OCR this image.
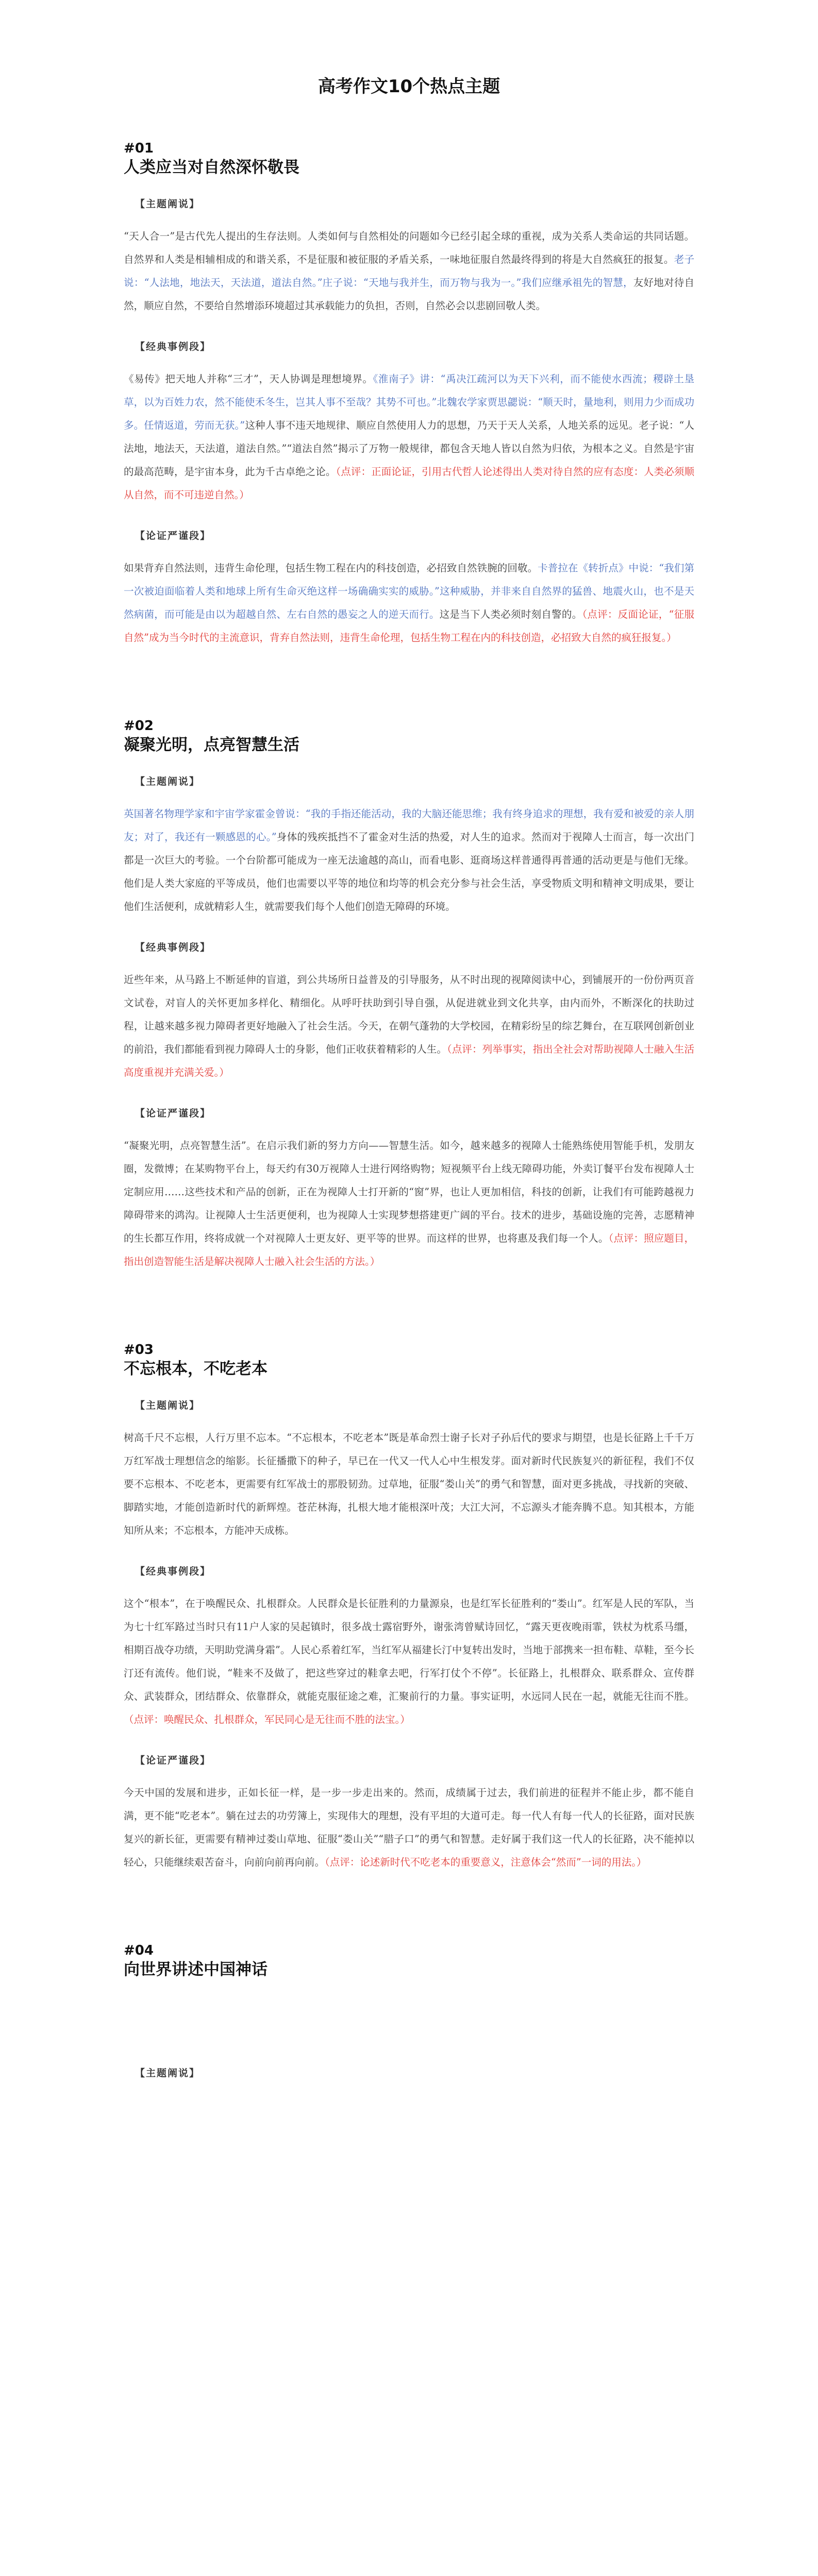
高考作文10个热点主题
#01
人类应当对自然深怀敬畏
【主题阐说】

“天人合一”是古代先人提出的生存法则。人类如何与自然相处的问题如今已经引起全球的重视，成为关系人类命运的共同话题。自然界和人类是相辅相成的和谐关系，不是征服和被征服的矛盾关系，一味地征服自然最终得到的将是大自然疯狂的报复。老子说：“人法地，地法天，天法道，道法自然。”庄子说：“天地与我并生，而万物与我为一。”我们应继承祖先的智慧，友好地对待自然，顺应自然，不要给自然增添环境超过其承载能力的负担，否则，自然必会以悲剧回敬人类。

【经典事例段】

《易传》把天地人并称“三才”，天人协调是理想境界。《淮南子》讲：“禹决江疏河以为天下兴利，而不能使水西流；稷辟土垦草，以为百姓力农，然不能使禾冬生，岂其人事不至哉？其势不可也。”北魏农学家贾思勰说：“顺天时，量地利，则用力少而成功多。任情返道，劳而无获。”这种人事不违天地规律、顺应自然使用人力的思想，乃天于天人关系，人地关系的远见。老子说：“人法地，地法天，天法道，道法自然。”“道法自然”揭示了万物一般规律，都包含天地人皆以自然为归依，为根本之义。自然是宇宙的最高范畴，是宇宙本身，此为千古卓绝之论。（点评：正面论证，引用古代哲人论述得出人类对待自然的应有态度：人类必须顺从自然，而不可违逆自然。）

【论证严谨段】

如果背弃自然法则，违背生命伦理，包括生物工程在内的科技创造，必招致自然铁腕的回敬。卡普拉在《转折点》中说：“我们第一次被迫面临着人类和地球上所有生命灭绝这样一场确确实实的威胁。”这种威胁，并非来自自然界的猛兽、地震火山，也不是天然病菌，而可能是由以为超越自然、左右自然的愚妄之人的逆天而行。这是当下人类必须时刻自警的。（点评：反面论证，“征服自然”成为当今时代的主流意识，背弃自然法则，违背生命伦理，包括生物工程在内的科技创造，必招致大自然的疯狂报复。）

#02
凝聚光明，点亮智慧生活
【主题阐说】

英国著名物理学家和宇宙学家霍金曾说：“我的手指还能活动，我的大脑还能思维；我有终身追求的理想，我有爱和被爱的亲人朋友；对了，我还有一颗感恩的心。”身体的残疾抵挡不了霍金对生活的热爱，对人生的追求。然而对于视障人士而言，每一次出门都是一次巨大的考验。一个台阶都可能成为一座无法逾越的高山，而看电影、逛商场这样普通得再普通的活动更是与他们无缘。他们是人类大家庭的平等成员，他们也需要以平等的地位和均等的机会充分参与社会生活，享受物质文明和精神文明成果，要让他们生活便利，成就精彩人生，就需要我们每个人他们创造无障碍的环境。

【经典事例段】

近些年来，从马路上不断延伸的盲道，到公共场所日益普及的引导服务，从不时出现的视障阅读中心，到铺展开的一份份两页音文试卷，对盲人的关怀更加多样化、精细化。从呼吁扶助到引导自强，从促进就业到文化共享，由内而外，不断深化的扶助过程，让越来越多视力障碍者更好地融入了社会生活。今天，在朝气蓬勃的大学校园，在精彩纷呈的综艺舞台，在互联网创新创业的前沿，我们都能看到视力障碍人士的身影，他们正收获着精彩的人生。（点评：列举事实，指出全社会对帮助视障人士融入生活高度重视并充满关爱。）

【论证严谨段】

“凝聚光明，点亮智慧生活”。在启示我们新的努力方向——智慧生活。如今，越来越多的视障人士能熟练使用智能手机，发朋友圈，发微博；在某购物平台上，每天约有30万视障人士进行网络购物；短视频平台上线无障碍功能，外卖订餐平台发布视障人士定制应用……这些技术和产品的创新，正在为视障人士打开新的“窗”界，也让人更加相信，科技的创新，让我们有可能跨越视力障碍带来的鸿沟。让视障人士生活更便利，也为视障人士实现梦想搭建更广阔的平台。技术的进步，基础设施的完善，志愿精神的生长都互作用，终将成就一个对视障人士更友好、更平等的世界。而这样的世界，也将惠及我们每一个人。（点评：照应题目，指出创造智能生活是解决视障人士融入社会生活的方法。）

#03
不忘根本，不吃老本
【主题阐说】

树高千尺不忘根，人行万里不忘本。“不忘根本，不吃老本”既是革命烈士谢子长对子孙后代的要求与期望，也是长征路上千千万万红军战士理想信念的缩影。长征播撒下的种子，早已在一代又一代人心中生根发芽。面对新时代民族复兴的新征程，我们不仅要不忘根本、不吃老本，更需要有红军战士的那股韧劲。过草地，征服“娄山关”的勇气和智慧，面对更多挑战，寻找新的突破、脚踏实地，才能创造新时代的新辉煌。苍茫林海，扎根大地才能根深叶茂；大江大河，不忘源头才能奔腾不息。知其根本，方能知所从来；不忘根本，方能冲天成栋。

【经典事例段】

这个“根本”，在于唤醒民众、扎根群众。人民群众是长征胜利的力量源泉，也是红军长征胜利的“娄山”。红军是人民的军队，当为七十红军路过当时只有11户人家的吴起镇时，很多战士露宿野外，谢张湾曾赋诗回忆，“露天更夜晚雨霏，铁杖为枕系马缰，相期百战夺功绩，天明助党满身霜”。人民心系着红军，当红军从福建长汀中复转出发时，当地于部携来一担布鞋、草鞋，至今长汀还有流传。他们说，“鞋来不及做了，把这些穿过的鞋拿去吧，行军打仗个不停”。长征路上，扎根群众、联系群众、宣传群众、武装群众，团结群众、依靠群众，就能克服征途之难，汇聚前行的力量。事实证明，水远同人民在一起，就能无往而不胜。（点评：唤醒民众、扎根群众，军民同心是无往而不胜的法宝。）

【论证严谨段】

今天中国的发展和进步，正如长征一样，是一步一步走出来的。然而，成绩属于过去，我们前进的征程并不能止步，都不能自满，更不能“吃老本”。躺在过去的功劳簿上，实现伟大的理想，没有平坦的大道可走。每一代人有每一代人的长征路，面对民族复兴的新长征，更需要有精神过娄山草地、征服“娄山关”“腊子口”的勇气和智慧。走好属于我们这一代人的长征路，决不能掉以轻心，只能继续艰苦奋斗，向前向前再向前。（点评：论述新时代不吃老本的重要意义，注意体会“然而”一词的用法。）

#04
向世界讲述中国神话
【主题阐说】
